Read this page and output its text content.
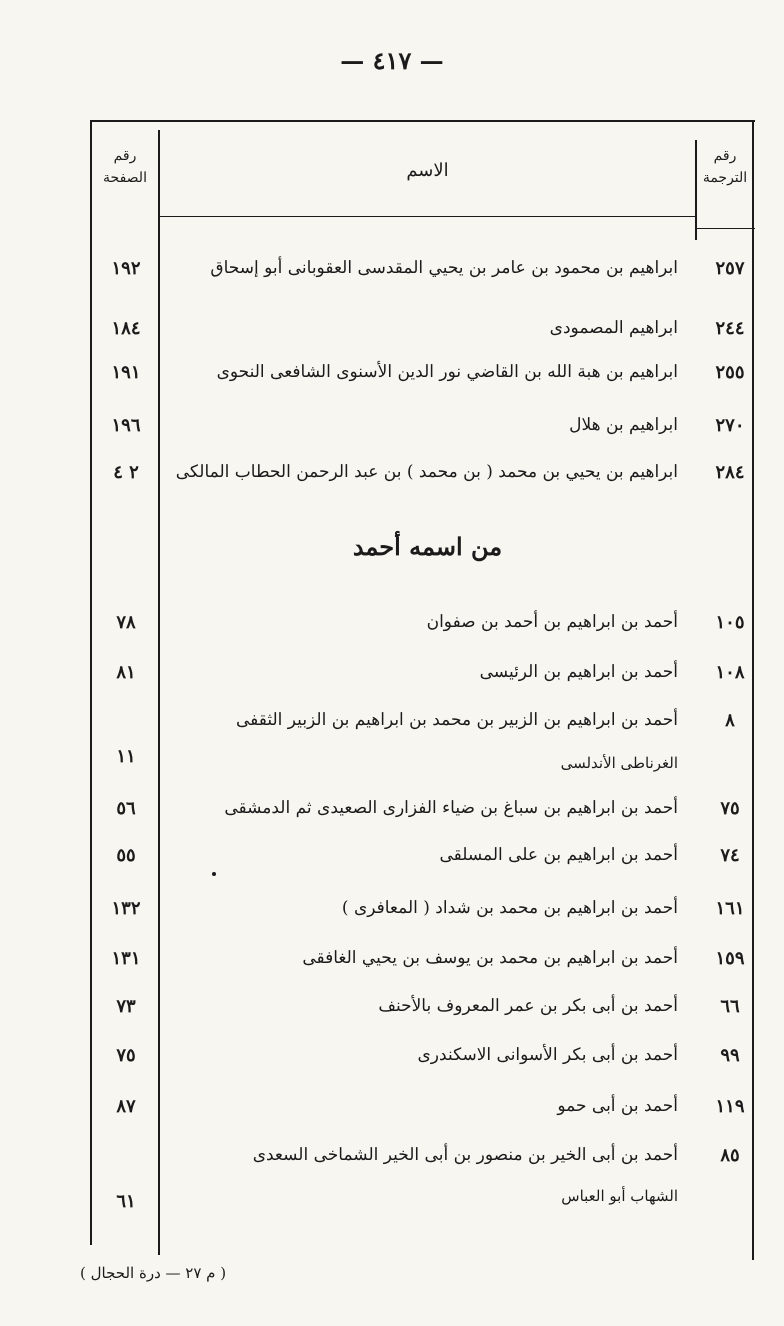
— ٤١٧ —
رقم
الترجمة
الاسم
رقم
الصفحة
٢٥٧
ابراهيم بن محمود بن عامر بن يحيي المقدسى العقوبانى أبو إسحاق
١٩٢
٢٤٤
ابراهيم المصمودى
١٨٤
٢٥٥
ابراهيم بن هبة الله بن القاضي نور الدين الأسنوى الشافعى النحوى
١٩١
٢٧٠
ابراهيم بن هلال
١٩٦
٢٨٤
ابراهيم بن يحيي بن محمد ( بن محمد ) بن عبد الرحمن الحطاب المالكى
٢ ٤
من اسمه أحمد
١٠٥
أحمد بن ابراهيم بن أحمد بن صفوان
٧٨
١٠٨
أحمد بن ابراهيم بن الرئيسى
٨١
٨
أحمد بن ابراهيم بن الزبير بن محمد بن ابراهيم بن الزبير الثقفى
الغرناطى الأندلسى
١١
٧٥
أحمد بن ابراهيم بن سباغ بن ضياء الفزارى الصعيدى ثم الدمشقى
٥٦
٧٤
أحمد بن ابراهيم بن على المسلقى
٥٥
١٦١
أحمد بن ابراهيم بن محمد بن شداد ( المعافرى )
١٣٢
١٥٩
أحمد بن ابراهيم بن محمد بن يوسف بن يحيي الغافقى
١٣١
٦٦
أحمد بن أبى بكر بن عمر المعروف بالأحنف
٧٣
٩٩
أحمد بن أبى بكر الأسوانى الاسكندرى
٧٥
١١٩
أحمد بن أبى حمو
٨٧
٨٥
أحمد بن أبى الخير بن منصور بن أبى الخير الشماخى السعدى
الشهاب أبو العباس
٦١
( م ٢٧ — درة الحجال )
